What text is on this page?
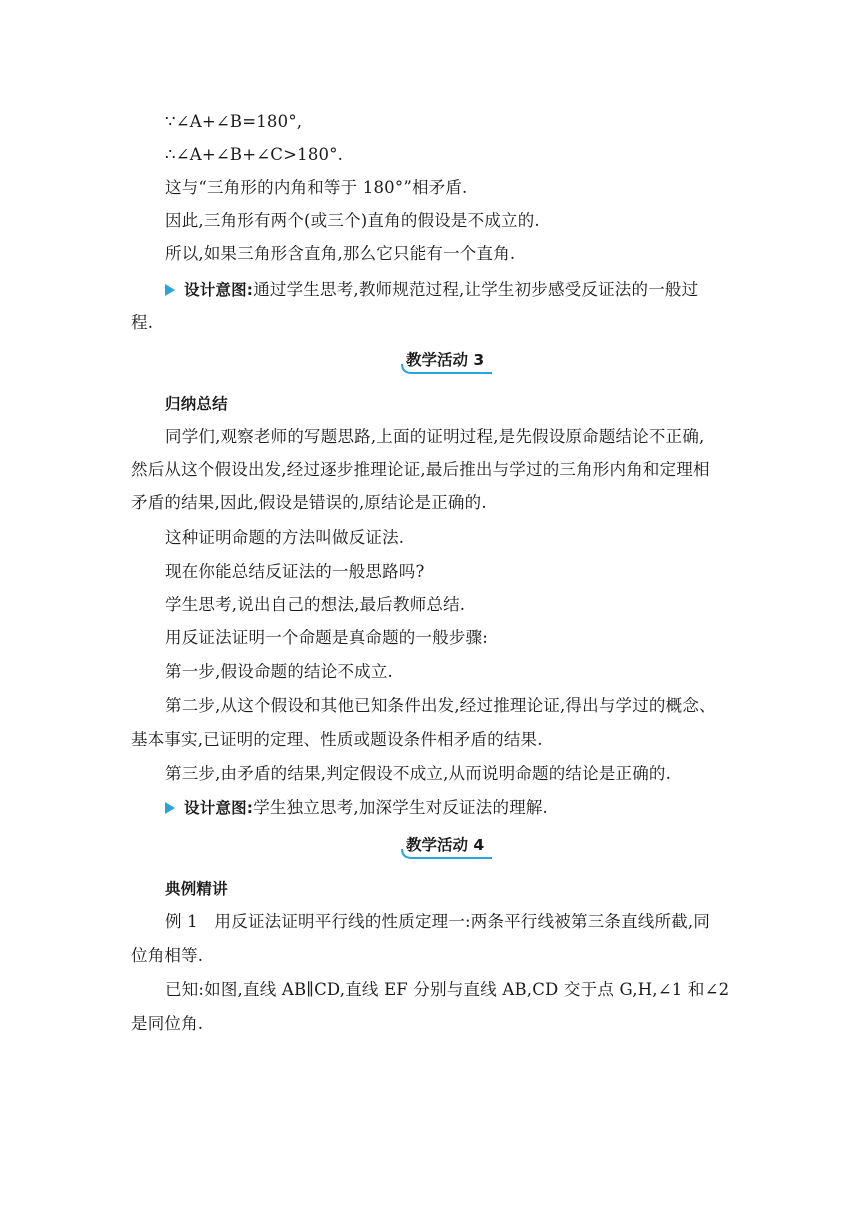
∵∠A+∠B=180°,
∴∠A+∠B+∠C>180°.
这与“三角形的内角和等于 180°”相矛盾.
因此,三角形有两个(或三个)直角的假设是不成立的.
所以,如果三角形含直角,那么它只能有一个直角.
设计意图: 通过学生思考,教师规范过程,让学生初步感受反证法的一般过
程.
教学活动 3
归纳总结
同学们,观察老师的写题思路,上面的证明过程,是先假设原命题结论不正确,
然后从这个假设出发,经过逐步推理论证,最后推出与学过的三角形内角和定理相
矛盾的结果,因此,假设是错误的,原结论是正确的.
这种证明命题的方法叫做反证法.
现在你能总结反证法的一般思路吗?
学生思考,说出自己的想法,最后教师总结.
用反证法证明一个命题是真命题的一般步骤:
第一步,假设命题的结论不成立.
第二步,从这个假设和其他已知条件出发,经过推理论证,得出与学过的概念、
基本事实,已证明的定理、性质或题设条件相矛盾的结果.
第三步,由矛盾的结果,判定假设不成立,从而说明命题的结论是正确的.
设计意图: 学生独立思考,加深学生对反证法的理解.
教学活动 4
典例精讲
例 1　用反证法证明平行线的性质定理一:两条平行线被第三条直线所截,同
位角相等.
已知:如图,直线 AB∥CD,直线 EF 分别与直线 AB,CD 交于点 G,H,∠1 和∠2
是同位角.
